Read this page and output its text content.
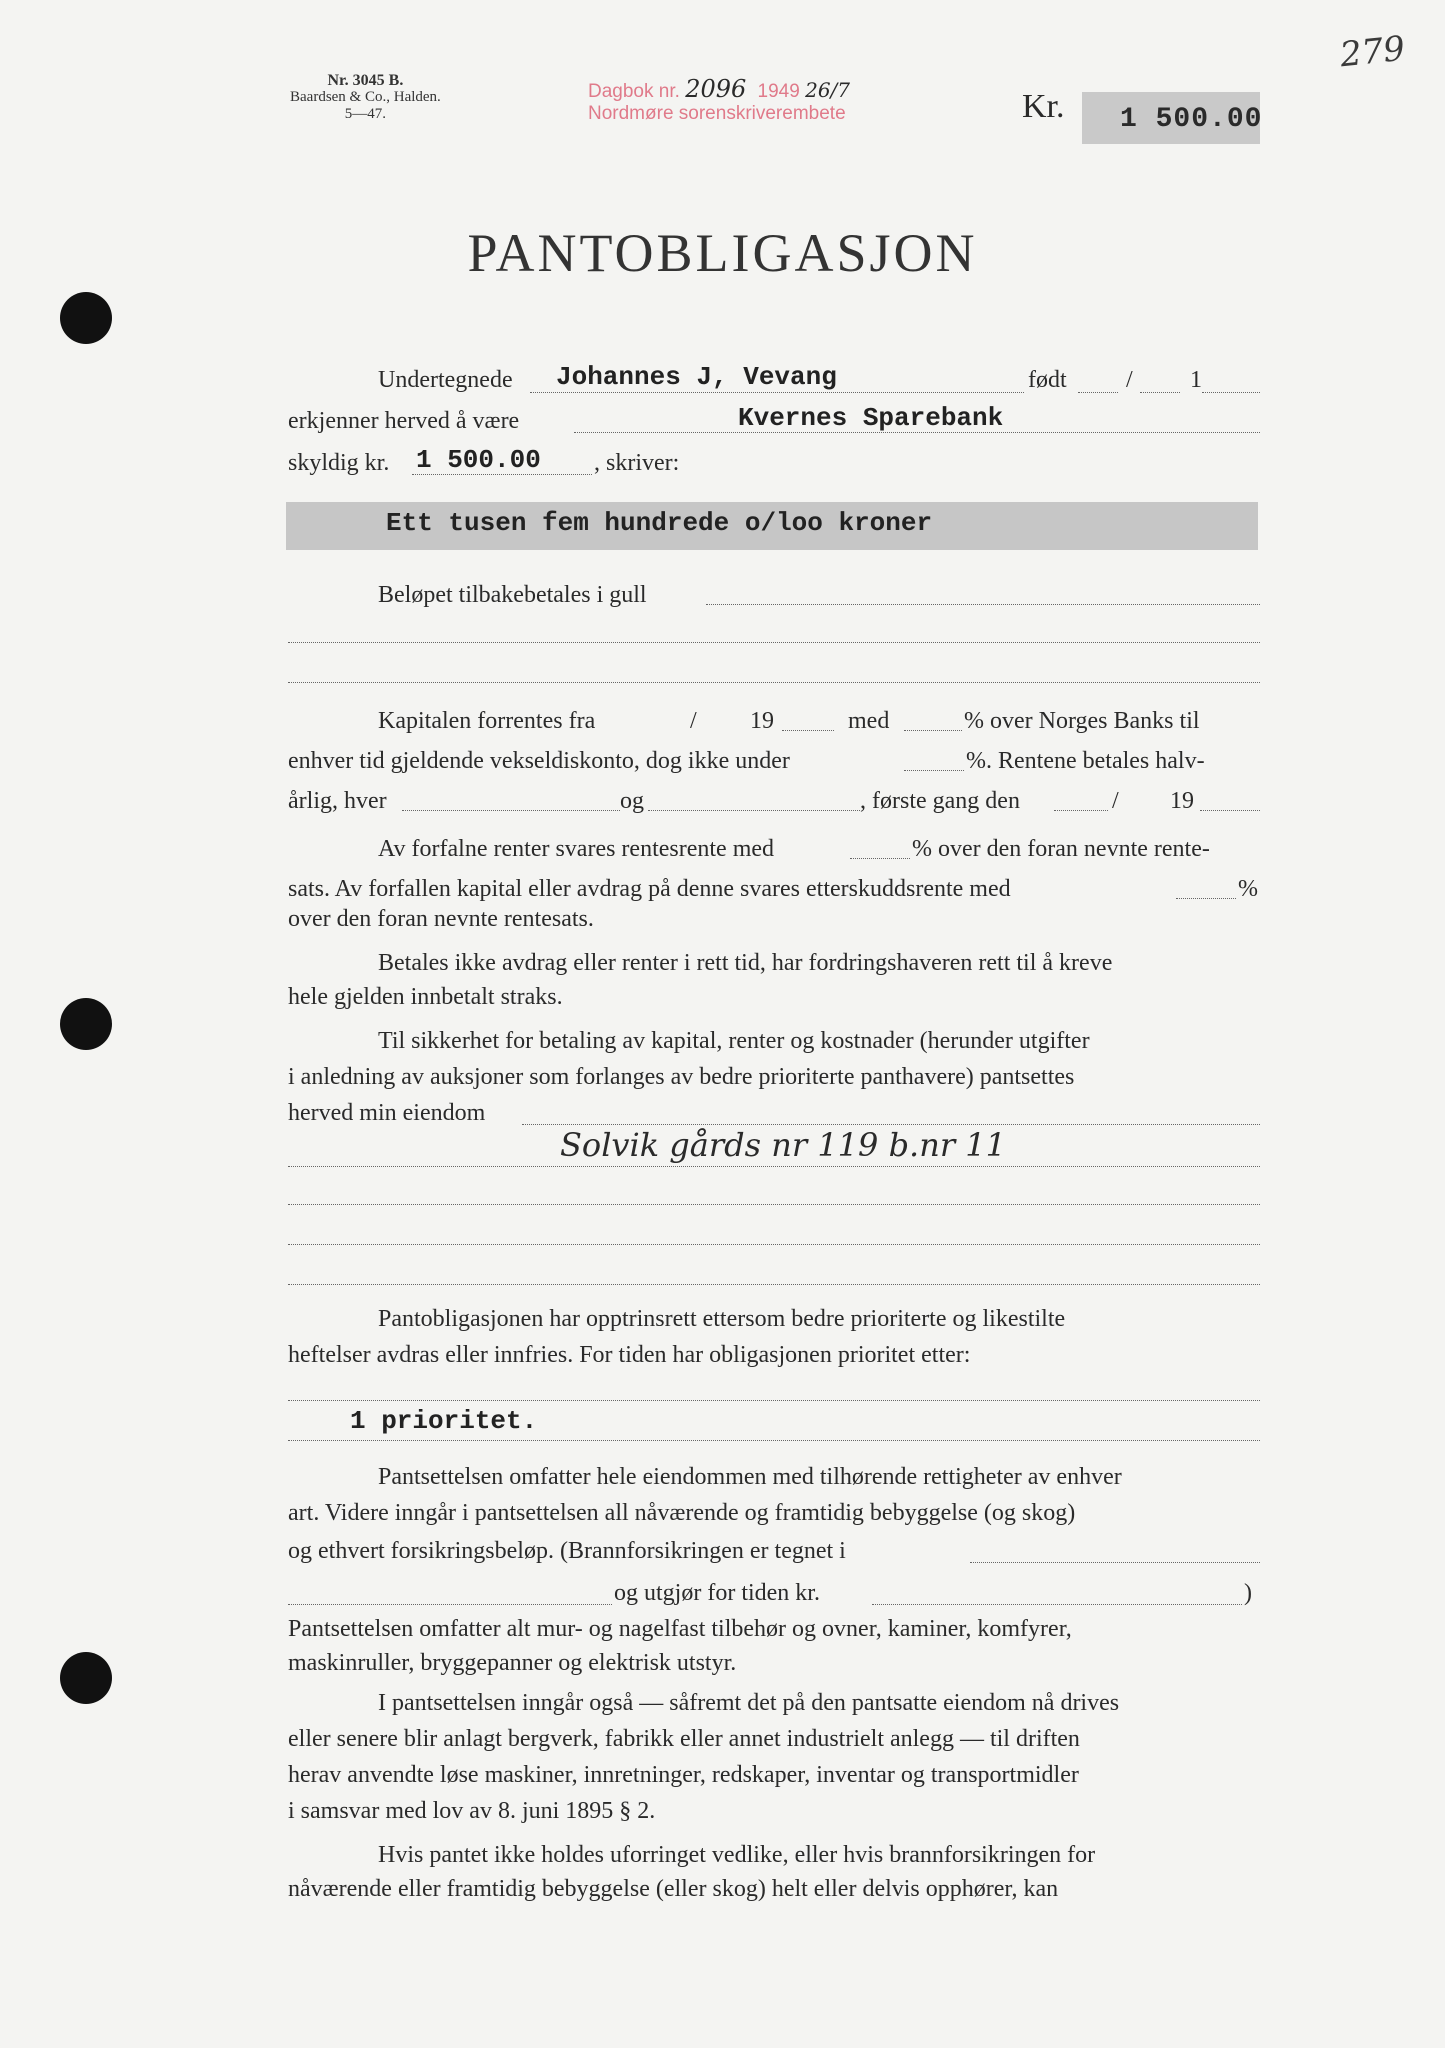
279
Nr. 3045 B.
Baardsen & Co., Halden.
5—47.
Dagbok nr. 2096 1949 26/7
Nordmøre sorenskriverembete	Kr. 1 500.00
PANTOBLIGASJON
Undertegnede Johannes J, Vevang	født / 1
erkjenner herved å være	Kvernes Sparebank
skyldig kr. 1 500.00 , skriver:
Ett tusen fem hundrede o/loo kroner
Beløpet tilbakebetales i gull
Kapitalen forrentes fra	/ 19	med	% over Norges Banks til
enhver tid gjeldende vekseldiskonto, dog ikke under	%. Rentene betales halv-
årlig, hver	og	, første gang den	/ 19
Av forfalne renter svares rentesrente med	% over den foran nevnte rente-
sats. Av forfallen kapital eller avdrag på denne svares etterskuddsrente med	%
over den foran nevnte rentesats.
Betales ikke avdrag eller renter i rett tid, har fordringshaveren rett til å kreve
hele gjelden innbetalt straks.
Til sikkerhet for betaling av kapital, renter og kostnader (herunder utgifter
i anledning av auksjoner som forlanges av bedre prioriterte panthavere) pantsettes
herved min eiendom
Solvik gårds nr 119 b.nr 11
Pantobligasjonen har opptrinsrett ettersom bedre prioriterte og likestilte
heftelser avdras eller innfries. For tiden har obligasjonen prioritet etter:
1 prioritet.
Pantsettelsen omfatter hele eiendommen med tilhørende rettigheter av enhver
art. Videre inngår i pantsettelsen all nåværende og framtidig bebyggelse (og skog)
og ethvert forsikringsbeløp. (Brannforsikringen er tegnet i
og utgjør for tiden kr.	)
Pantsettelsen omfatter alt mur- og nagelfast tilbehør og ovner, kaminer, komfyrer,
maskinruller, bryggepanner og elektrisk utstyr.
I pantsettelsen inngår også — såfremt det på den pantsatte eiendom nå drives
eller senere blir anlagt bergverk, fabrikk eller annet industrielt anlegg — til driften
herav anvendte løse maskiner, innretninger, redskaper, inventar og transportmidler
i samsvar med lov av 8. juni 1895 § 2.
Hvis pantet ikke holdes uforringet vedlike, eller hvis brannforsikringen for
nåværende eller framtidig bebyggelse (eller skog) helt eller delvis opphører, kan
